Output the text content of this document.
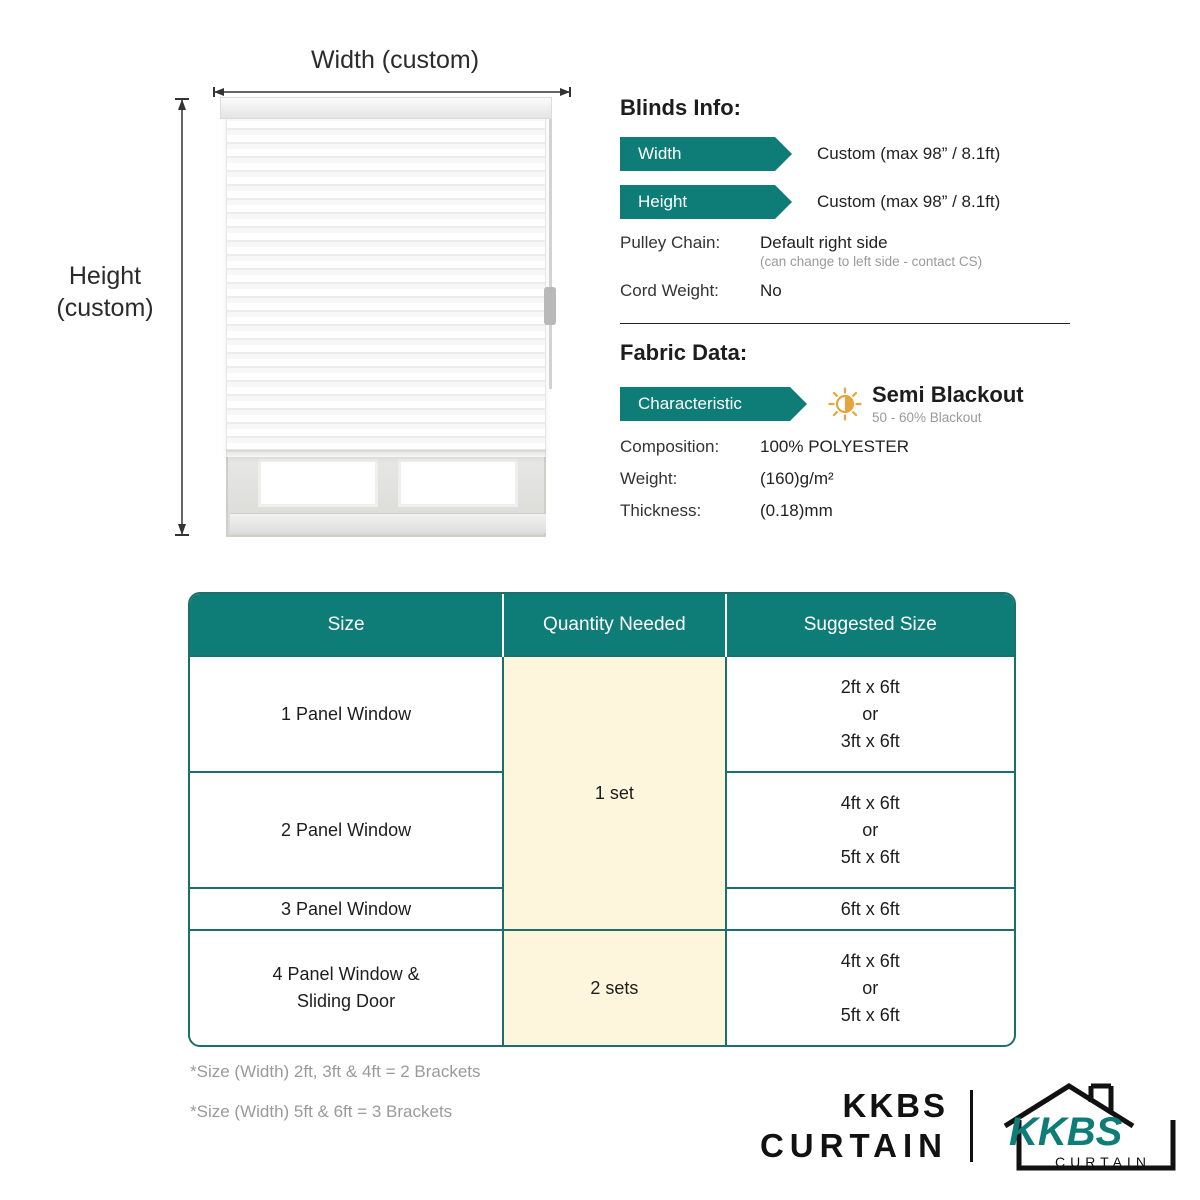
Width (custom)
Height
(custom)
Blinds Info:
Width	Custom (max 98” / 8.1ft)
Height	Custom (max 98” / 8.1ft)
Pulley Chain:	Default right side
(can change to left side - contact CS)
Cord Weight:	No
Fabric Data:
Characteristic	Semi Blackout
50 - 60% Blackout
Composition:	100% POLYESTER
Weight:	(160)g/m²
Thickness:	(0.18)mm
Size	Quantity Needed	Suggested Size
1 Panel Window	1 set	2ft x 6ft
or
3ft x 6ft
2 Panel Window		4ft x 6ft
or
5ft x 6ft
3 Panel Window		6ft x 6ft
4 Panel Window &
Sliding Door	2 sets	4ft x 6ft
or
5ft x 6ft
*Size (Width) 2ft, 3ft & 4ft = 2 Brackets
*Size (Width) 5ft & 6ft = 3 Brackets	KKBS
CURTAIN KKBS
CURTAIN
